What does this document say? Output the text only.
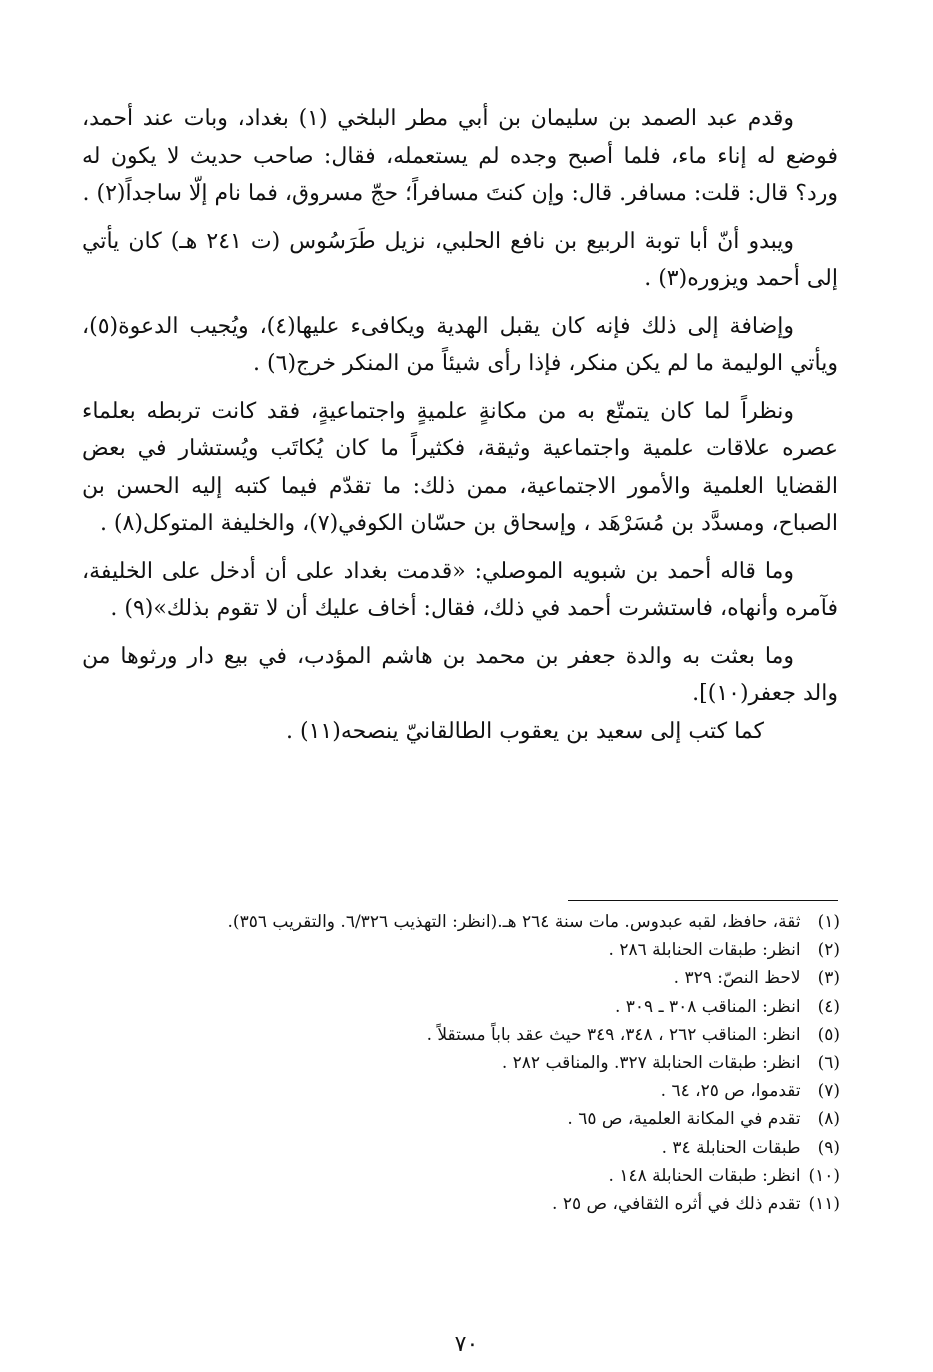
وقدم عبد الصمد بن سليمان بن أبي مطر البلخي (١) بغداد، وبات عند أحمد، فوضع له إناء ماء، فلما أصبح وجده لم يستعمله، فقال: صاحب حديث لا يكون له ورد؟ قال: قلت: مسافر. قال: وإن كنتَ مسافراً؛ حجّ مسروق، فما نام إلّا ساجداً(٢) .

ويبدو أنّ أبا توبة الربيع بن نافع الحلبي، نزيل طَرَسُوس (ت ٢٤١ هـ) كان يأتي إلى أحمد ويزوره(٣) .

وإضافة إلى ذلك فإنه كان يقبل الهدية ويكافىء عليها(٤)، ويُجيب الدعوة(٥)، ويأتي الوليمة ما لم يكن منكر، فإذا رأى شيئاً من المنكر خرج(٦) .

ونظراً لما كان يتمتّع به من مكانةٍ علميةٍ واجتماعيةٍ، فقد كانت تربطه بعلماء عصره علاقات علمية واجتماعية وثيقة، فكثيراً ما كان يُكاتَب ويُستشار في بعض القضايا العلمية والأمور الاجتماعية، ممن ذلك: ما تقدّم فيما كتبه إليه الحسن بن الصباح، ومسدَّد بن مُسَرْهَد ، وإسحاق بن حسّان الكوفي(٧)، والخليفة المتوكل(٨) .

وما قاله أحمد بن شبويه الموصلي: «قدمت بغداد على أن أدخل على الخليفة، فآمره وأنهاه، فاستشرت أحمد في ذلك، فقال: أخاف عليك أن لا تقوم بذلك»(٩) .

وما بعثت به والدة جعفر بن محمد بن هاشم المؤدب، في بيع دار ورثوها من والد جعفر(١٠)].

كما كتب إلى سعيد بن يعقوب الطالقانيّ ينصحه(١١) .

(١) ثقة، حافظ، لقبه عبدوس. مات سنة ٢٦٤ هـ.(انظر: التهذيب ٦/٣٢٦. والتقريب ٣٥٦).

(٢) انظر: طبقات الحنابلة ٢٨٦ .

(٣) لاحظ النصّ: ٣٢٩ .

(٤) انظر: المناقب ٣٠٨ ـ ٣٠٩ .

(٥) انظر: المناقب ٢٦٢ ، ٣٤٨، ٣٤٩ حيث عقد باباً مستقلاً .

(٦) انظر: طبقات الحنابلة ٣٢٧. والمناقب ٢٨٢ .

(٧) تقدموا، ص ٢٥، ٦٤ .

(٨) تقدم في المكانة العلمية، ص ٦٥ .

(٩) طبقات الحنابلة ٣٤ .

(١٠) انظر: طبقات الحنابلة ١٤٨ .

(١١) تقدم ذلك في أثره الثقافي، ص ٢٥ .

٧٠
